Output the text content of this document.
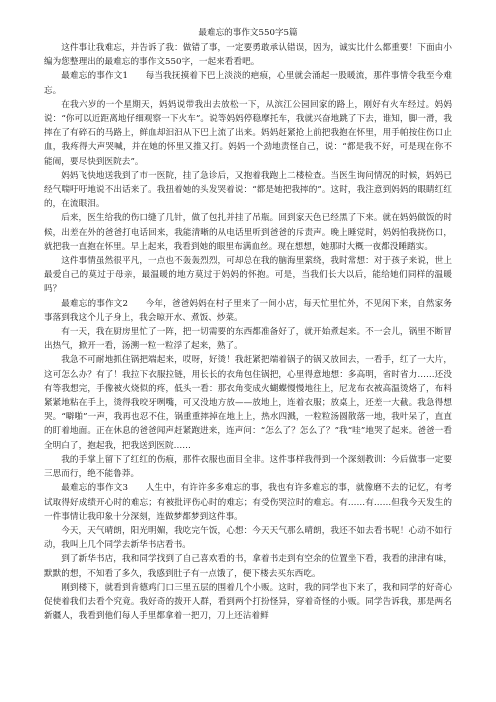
最难忘的事作文550字5篇

这件事让我难忘，并告诉了我：做错了事，一定要勇敢承认错误，因为，诚实比什么都重要！下面由小编为您整理出的最难忘的事作文550字，一起来看看吧。

最难忘的事作文1　　每当我抚摸着下巴上淡淡的疤痕，心里就会涌起一股暖流，那件事情令我至今难忘。

在我六岁的一个星期天，妈妈说带我出去放松一下，从滨江公园回家的路上，刚好有火车经过。妈妈说：“你可以近距离地仔细观察一下火车”。说等妈妈停稳摩托车，我就兴奋地跳了下去，谁知，脚一滑，我摔在了有碎石的马路上，鲜血却汩汩从下巴上流了出来。妈妈赶紧抢上前把我抱在怀里，用手帕按住伤口止血，我疼得大声哭喊，并在她的怀里又推又打。妈妈一个劲地责怪自己，说：“都是我不好，可是现在你不能闹，要尽快到医院去”。

妈妈飞快地送我到了市一医院，挂了急诊后，又抱着我跑上二楼检查。当医生询问情况的时候，妈妈已经气喘吁吁地说不出话来了。我扭着她的头发哭着说：“都是她把我摔的”。这时，我注意到妈妈的眼睛红红的，在流眼泪。

后来，医生给我的伤口缝了几针，做了包扎并挂了吊瓶。回到家天色已经黑了下来。就在妈妈做饭的时候，出差在外的爸爸打电话回来，我能清晰的从电话里听到爸爸的斥责声。晚上睡觉时，妈妈怕我挠伤口，就把我一直抱在怀里。早上起来，我看到她的眼里布满血丝。现在想想，她那时大概一夜都没睡踏实。

这件事情虽然很平凡，一点也不轰轰烈烈，可却总在我的脑海里萦绕，我时常想：对于孩子来说，世上最爱自己的莫过于母亲，最温暖的地方莫过于妈妈的怀抱。可是，当我们长大以后，能给她们同样的温暖吗？

最难忘的事作文2　　今年，爸爸妈妈在村子里来了一间小店，每天忙里忙外，不见闲下来，自然家务事落到我这个儿子身上，我会晾开水、煮饭、炒菜。

有一天，我在厨房里忙了一阵，把一切需要的东西都准备好了，就开始煮起来。不一会儿，锅里不断冒出热气，掀开一看，汤溯一粒一粒浮了起来，熟了。

我急不可耐地抓住锅把端起来，哎呀，好烫！我赶紧把端着锅子的锅又放回去，一看手，红了一大片，这可怎么办？有了！我拉下衣服拉链，用长长的衣角包住锅把，心里得意地想：多高明，省时省力……还没有等我想完，手像被火烧似的疼，低头一看：那衣角变成火蝴蝶慢慢地往上，尼龙布衣被高温烫烙了，布料紧紧地粘在手上，烫得我咬牙咧嘴，可又没地方放——放地上，连着衣服；放桌上，还差一大截。我急得想哭。“噼啪”一声，我再也忍不住，锅重重摔掉在地上上，热水四溅，一粒粒汤圆散落一地，我叶呆了，直直的盯着地面。正在休息的爸爸闻声赶紧跑进来，连声问：“怎么了？怎么了？”我“哇”地哭了起来。爸爸一看全明白了，抱起我，把我送到医院……

我的手掌上留下了红红的伤痕，那件衣服也面目全非。这件事样我得到一个深刻教训：今后做事一定要三思而行，绝不能鲁莽。

最难忘的事作文3　　人生中，有许许多多难忘的事，我也有许多难忘的事，就像磨不去的记忆，有考试取得好成绩开心时的难忘；有被批评伤心时的难忘；有受伤哭泣时的难忘。有……有……但我今天发生的一件事情让我印象十分深刻，连做梦都梦到这件事。

今天，天气晴朗，阳光明媚，我吃完午饭，心想：今天天气那么晴朗，我还不如去看书呢！心动不如行动，我叫上几个同学去新华书店看书。

到了新华书店，我和同学找到了自己喜欢看的书，拿着书走到有空余的位置坐下看，我看的津津有味，默默的想，不知看了多久，我感到肚子有一点饿了，便下楼去买东西吃。

刚到楼下，就看到肯德鸡门口三里五层的围着几个小贩。这时，我的同学也下来了，我和同学的好奇心促使着我们去看个究竟。我好奇的拨开人群，看到两个打扮怪异，穿着奇怪的小贩。同学告诉我，那是两名新疆人，我看到他们每人手里都拿着一把刀，刀上还沾着鲜
